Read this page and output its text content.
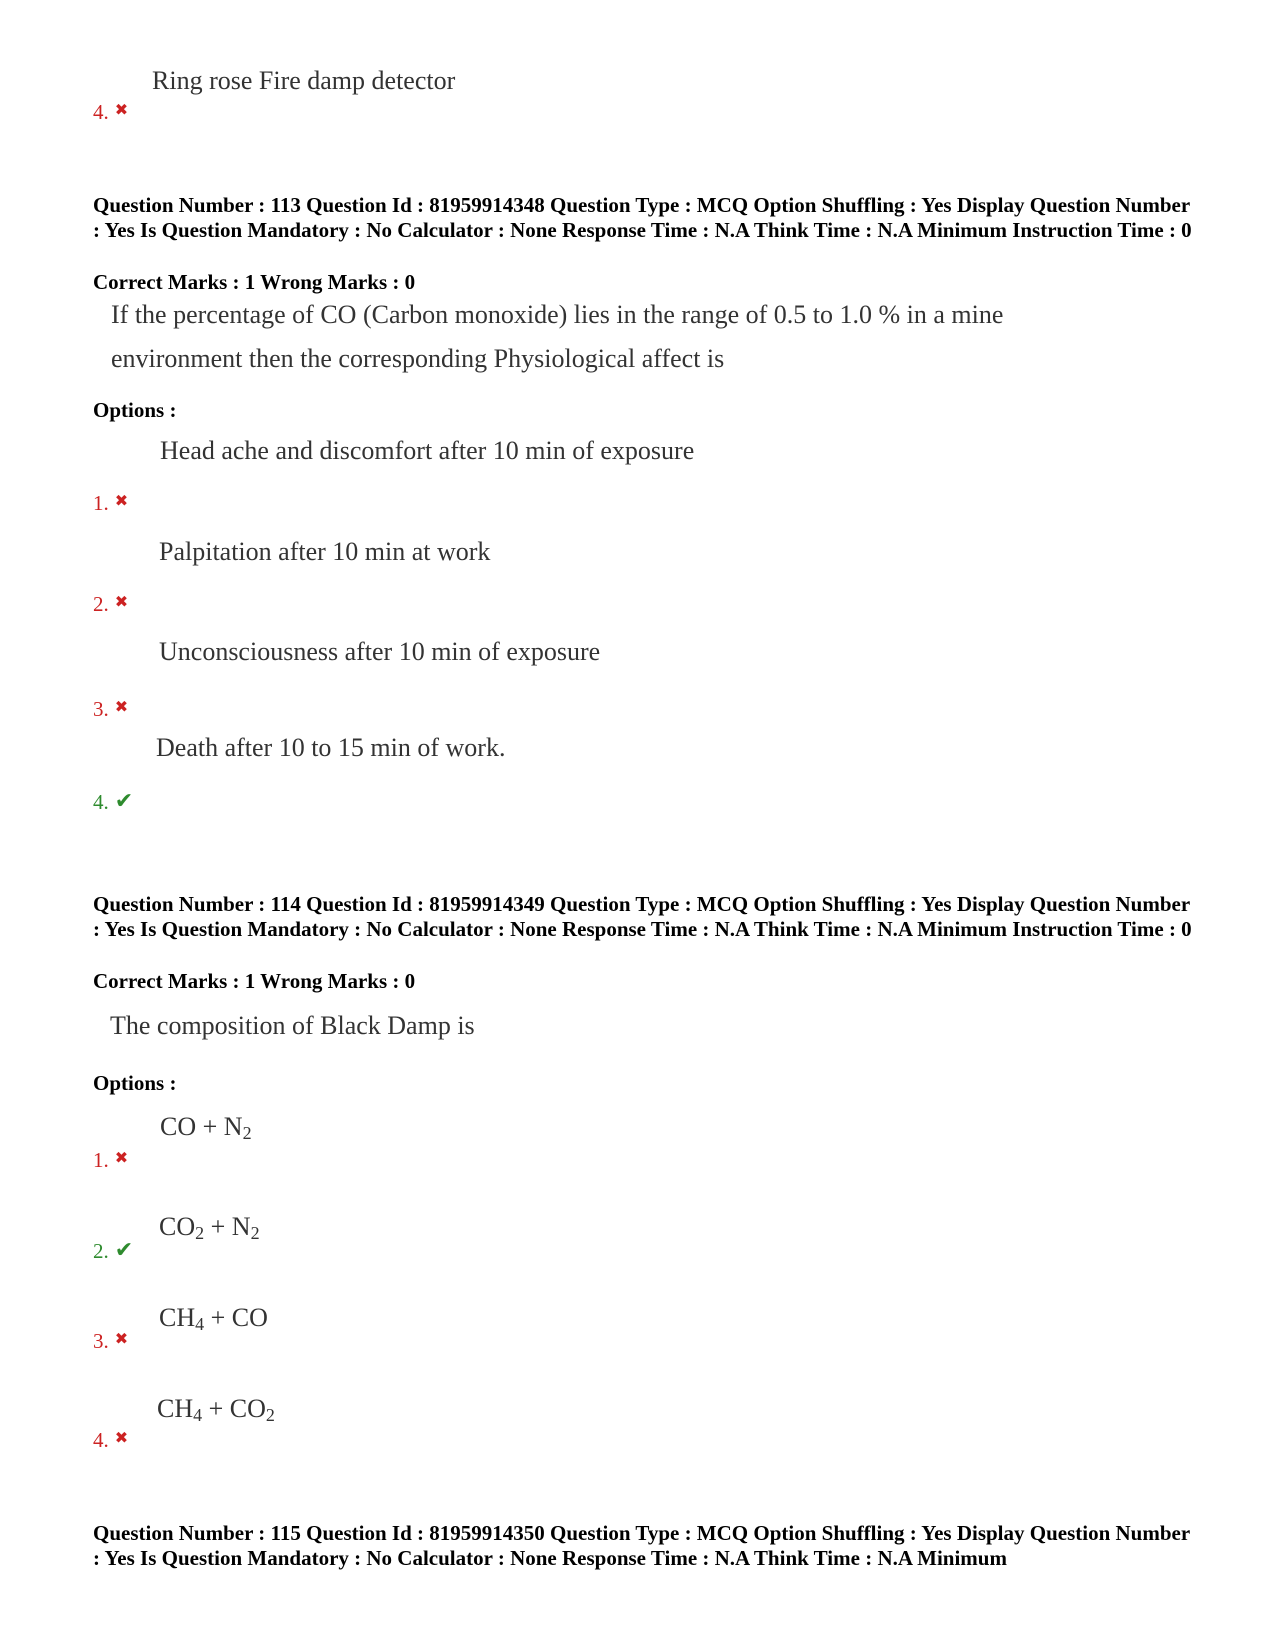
Ring rose Fire damp detector
4. ✖
Question Number : 113 Question Id : 81959914348 Question Type : MCQ Option Shuffling : Yes Display Question Number : Yes Is Question Mandatory : No Calculator : None Response Time : N.A Think Time : N.A Minimum Instruction Time : 0
Correct Marks : 1 Wrong Marks : 0
If the percentage of CO (Carbon monoxide) lies in the range of 0.5 to 1.0 % in a mine
environment then the corresponding Physiological affect is
Options :
Head ache and discomfort after 10 min of exposure
1. ✖
Palpitation after 10 min at work
2. ✖
Unconsciousness after 10 min of exposure
3. ✖
Death after 10 to 15 min of work.
4. ✔
Question Number : 114 Question Id : 81959914349 Question Type : MCQ Option Shuffling : Yes Display Question Number : Yes Is Question Mandatory : No Calculator : None Response Time : N.A Think Time : N.A Minimum Instruction Time : 0
Correct Marks : 1 Wrong Marks : 0
The composition of Black Damp is
Options :
CO + $N_2$
1. ✖
$CO_2 + N_2$
2. ✔
$CH_4$ + CO
3. ✖
$CH_4 + CO_2$
4. ✖
Question Number : 115 Question Id : 81959914350 Question Type : MCQ Option Shuffling : Yes Display Question Number : Yes Is Question Mandatory : No Calculator : None Response Time : N.A Think Time : N.A Minimum
